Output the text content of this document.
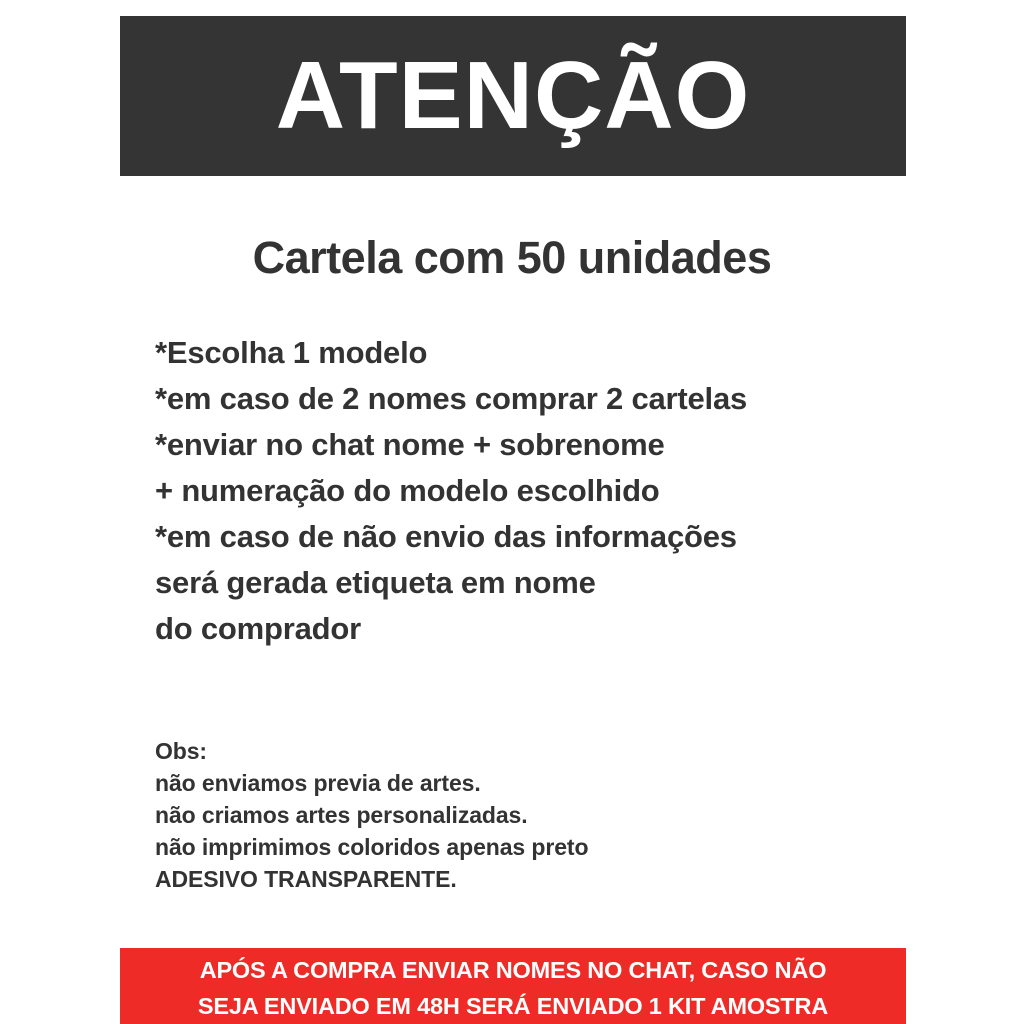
ATENÇÃO
Cartela com 50 unidades
*Escolha 1 modelo
*em caso de 2 nomes comprar 2 cartelas
*enviar no chat nome + sobrenome
+ numeração do modelo escolhido
*em caso de não envio das informações
será gerada etiqueta em nome
do comprador
Obs:
não enviamos previa de artes.
não criamos artes personalizadas.
não imprimimos coloridos apenas preto
ADESIVO TRANSPARENTE.
APÓS A COMPRA ENVIAR NOMES NO CHAT, CASO NÃO
SEJA ENVIADO EM 48H SERÁ ENVIADO 1 KIT AMOSTRA
